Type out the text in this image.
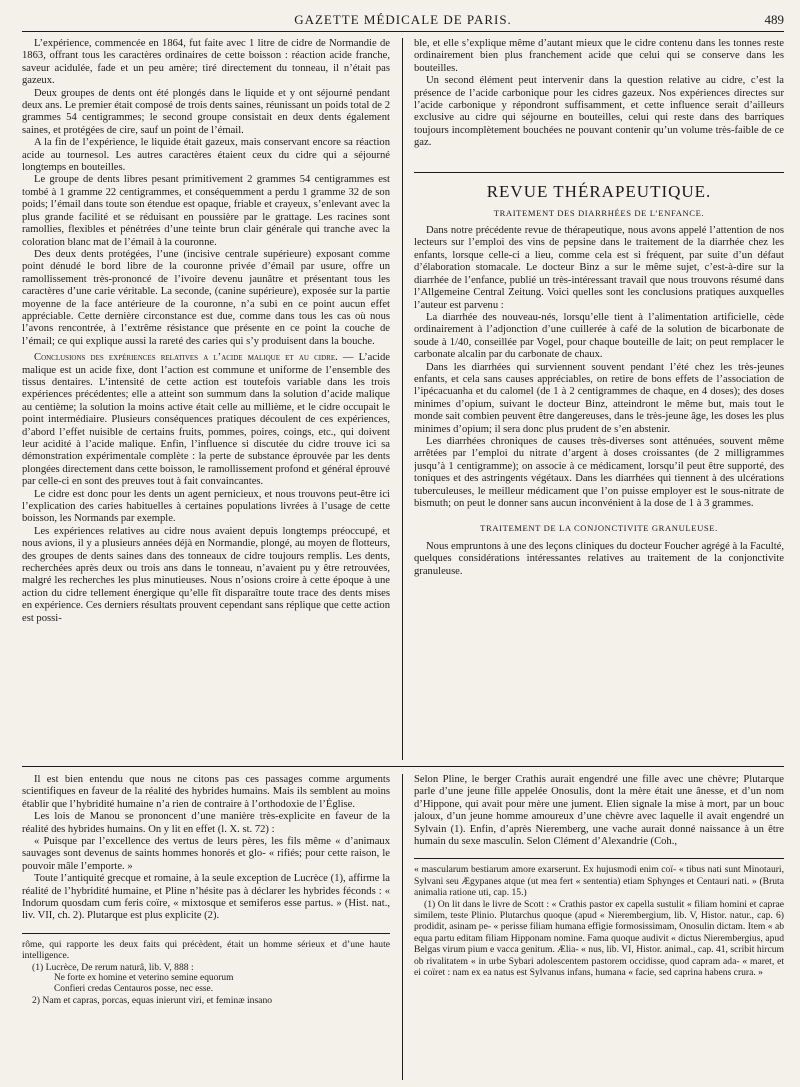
GAZETTE MÉDICALE DE PARIS.	489

L’expérience, commencée en 1864, fut faite avec 1 litre de cidre de Normandie de 1863, offrant tous les caractères ordinaires de cette boisson : réaction acide franche, saveur acidulée, fade et un peu amère; tiré directement du tonneau, il n’était pas gazeux.

Deux groupes de dents ont été plongés dans le liquide et y ont séjourné pendant deux ans. Le premier était composé de trois dents saines, réunissant un poids total de 2 grammes 54 centigrammes; le second groupe consistait en deux dents également saines, et protégées de cire, sauf un point de l’émail.

A la fin de l’expérience, le liquide était gazeux, mais conservant encore sa réaction acide au tournesol. Les autres caractères étaient ceux du cidre qui a séjourné longtemps en bouteilles.

Le groupe de dents libres pesant primitivement 2 grammes 54 centigrammes est tombé à 1 gramme 22 centigrammes, et conséquemment a perdu 1 gramme 32 de son poids; l’émail dans toute son étendue est opaque, friable et crayeux, s’enlevant avec la plus grande facilité et se réduisant en poussière par le grattage. Les racines sont ramollies, flexibles et pénétrées d’une teinte brun clair générale qui tranche avec la coloration blanc mat de l’émail à la couronne.

Des deux dents protégées, l’une (incisive centrale supérieure) exposant comme point dénudé le bord libre de la couronne privée d’émail par usure, offre un ramollissement très-prononcé de l’ivoire devenu jaunâtre et présentant tous les caractères d’une carie véritable. La seconde, (canine supérieure), exposée sur la partie moyenne de la face antérieure de la couronne, n’a subi en ce point aucun effet appréciable. Cette dernière circonstance est due, comme dans tous les cas où nous l’avons rencontrée, à l’extrême résistance que présente en ce point la couche de l’émail; ce qui explique aussi la rareté des caries qui s’y produisent dans la bouche.

Conclusions des expériences relatives a l’acide malique et au cidre. — L’acide malique est un acide fixe, dont l’action est commune et uniforme de l’ensemble des tissus dentaires. L’intensité de cette action est toutefois variable dans les trois expériences précédentes; elle a atteint son summum dans la solution d’acide malique au centième; la solution la moins active était celle au millième, et le cidre occupait le point intermédiaire. Plusieurs conséquences pratiques découlent de ces expériences, d’abord l’effet nuisible de certains fruits, pommes, poires, coings, etc., qui doivent leur acidité à l’acide malique. Enfin, l’influence si discutée du cidre trouve ici sa démonstration expérimentale complète : la perte de substance éprouvée par les dents plongées directement dans cette boisson, le ramollissement profond et général éprouvé par celle-ci en sont des preuves tout à fait convaincantes.

Le cidre est donc pour les dents un agent pernicieux, et nous trouvons peut-être ici l’explication des caries habituelles à certaines populations livrées à l’usage de cette boisson, les Normands par exemple.

Les expériences relatives au cidre nous avaient depuis longtemps préoccupé, et nous avions, il y a plusieurs années déjà en Normandie, plongé, au moyen de flotteurs, des groupes de dents saines dans des tonneaux de cidre toujours remplis. Les dents, recherchées après deux ou trois ans dans le tonneau, n’avaient pu y être retrouvées, malgré les recherches les plus minutieuses. Nous n’osions croire à cette époque à une action du cidre tellement énergique qu’elle fît disparaître toute trace des dents mises en expérience. Ces derniers résultats prouvent cependant sans réplique que cette action est possi-

ble, et elle s’explique même d’autant mieux que le cidre contenu dans les tonnes reste ordinairement bien plus franchement acide que celui qui se conserve dans les bouteilles.

Un second élément peut intervenir dans la question relative au cidre, c’est la présence de l’acide carbonique pour les cidres gazeux. Nos expériences directes sur l’acide carbonique y répondront suffisamment, et cette influence serait d’ailleurs exclusive au cidre qui séjourne en bouteilles, celui qui reste dans des barriques toujours incomplètement bouchées ne pouvant contenir qu’un volume très-faible de ce gaz.

REVUE THÉRAPEUTIQUE.

TRAITEMENT DES DIARRHÉES DE L’ENFANCE.

Dans notre précédente revue de thérapeutique, nous avons appelé l’attention de nos lecteurs sur l’emploi des vins de pepsine dans le traitement de la diarrhée chez les enfants, lorsque celle-ci a lieu, comme cela est si fréquent, par suite d’un défaut d’élaboration stomacale. Le docteur Binz a sur le même sujet, c’est-à-dire sur la diarrhée de l’enfance, publié un très-intéressant travail que nous trouvons résumé dans l’Allgemeine Central Zeitung. Voici quelles sont les conclusions pratiques auxquelles l’auteur est parvenu :

La diarrhée des nouveau-nés, lorsqu’elle tient à l’alimentation artificielle, cède ordinairement à l’adjonction d’une cuillerée à café de la solution de bicarbonate de soude à 1/40, conseillée par Vogel, pour chaque bouteille de lait; on peut remplacer le carbonate alcalin par du carbonate de chaux.

Dans les diarrhées qui surviennent souvent pendant l’été chez les très-jeunes enfants, et cela sans causes appréciables, on retire de bons effets de l’association de l’ipécacuanha et du calomel (de 1 à 2 centigrammes de chaque, en 4 doses); des doses minimes d’opium, suivant le docteur Binz, atteindront le même but, mais tout le monde sait combien peuvent être dangereuses, dans le très-jeune âge, les doses les plus minimes d’opium; il sera donc plus prudent de s’en abstenir.

Les diarrhées chroniques de causes très-diverses sont atténuées, souvent même arrêtées par l’emploi du nitrate d’argent à doses croissantes (de 2 milligrammes jusqu’à 1 centigramme); on associe à ce médicament, lorsqu’il peut être supporté, des toniques et des astringents végétaux. Dans les diarrhées qui tiennent à des ulcérations tuberculeuses, le meilleur médicament que l’on puisse employer est le sous-nitrate de bismuth; on peut le donner sans aucun inconvénient à la dose de 1 à 3 grammes.

TRAITEMENT DE LA CONJONCTIVITE GRANULEUSE.

Nous empruntons à une des leçons cliniques du docteur Foucher agrégé à la Faculté, quelques considérations intéressantes relatives au traitement de la conjonctivite granuleuse.

Il est bien entendu que nous ne citons pas ces passages comme arguments scientifiques en faveur de la réalité des hybrides humains. Mais ils semblent au moins établir que l’hybridité humaine n’a rien de contraire à l’orthodoxie de l’Église.

Les lois de Manou se prononcent d’une manière très-explicite en faveur de la réalité des hybrides humains. On y lit en effet (l. X. st. 72) :

« Puisque par l’excellence des vertus de leurs pères, les fils même « d’animaux sauvages sont devenus de saints hommes honorés et glo- « rifiés; pour cette raison, le pouvoir mâle l’emporte. »

Toute l’antiquité grecque et romaine, à la seule exception de Lucrèce (1), affirme la réalité de l’hybridité humaine, et Pline n’hésite pas à déclarer les hybrides féconds : « Indorum quosdam cum feris coïre, « mixtosque et semiferos esse partus. » (Hist. nat., liv. VII, ch. 2). Plutarque est plus explicite (2).

rôme, qui rapporte les deux faits qui précèdent, était un homme sérieux et d’une haute intelligence.

(1) Lucrèce, De rerum naturâ, lib. V, 888 :

Ne forte ex homine et veterino semine equorum

Confieri credas Centauros posse, nec esse.

2) Nam et capras, porcas, equas inierunt viri, et feminæ insano

Selon Pline, le berger Crathis aurait engendré une fille avec une chèvre; Plutarque parle d’une jeune fille appelée Onosulis, dont la mère était une ânesse, et d’un nom d’Hippone, qui avait pour mère une jument. Elien signale la mise à mort, par un bouc jaloux, d’un jeune homme amoureux d’une chèvre avec laquelle il avait engendré un Sylvain (1). Enfin, d’après Nieremberg, une vache aurait donné naissance à un être humain du sexe masculin. Selon Clément d’Alexandrie (Coh.,

« mascularum bestiarum amore exarserunt. Ex hujusmodi enim coï- « tibus nati sunt Minotauri, Sylvani seu Ægypanes atque (ut mea fert « sententia) etiam Sphynges et Centauri nati. » (Bruta animalia ratione uti, cap. 15.)

(1) On lit dans le livre de Scott : « Crathis pastor ex capella sustulit « filiam homini et caprae similem, teste Plinio. Plutarchus quoque (apud « Nierembergium, lib. V, Histor. natur., cap. 6) prodidit, asinam pe- « perisse filiam humana effigie formosissimam, Onosulin dictam. Item « ab equa partu editam filiam Hipponam nomine. Fama quoque audivit « dictus Nierembergius, apud Belgas virum pium e vacca genitum. Ælia- « nus, lib. VI, Histor. animal., cap. 41, scribit hircum ob rivalitatem « in urbe Sybari adolescentem pastorem occidisse, quod capram ada- « maret, et ei coïret : nam ex ea natus est Sylvanus infans, humana « facie, sed caprina habens crura. »
